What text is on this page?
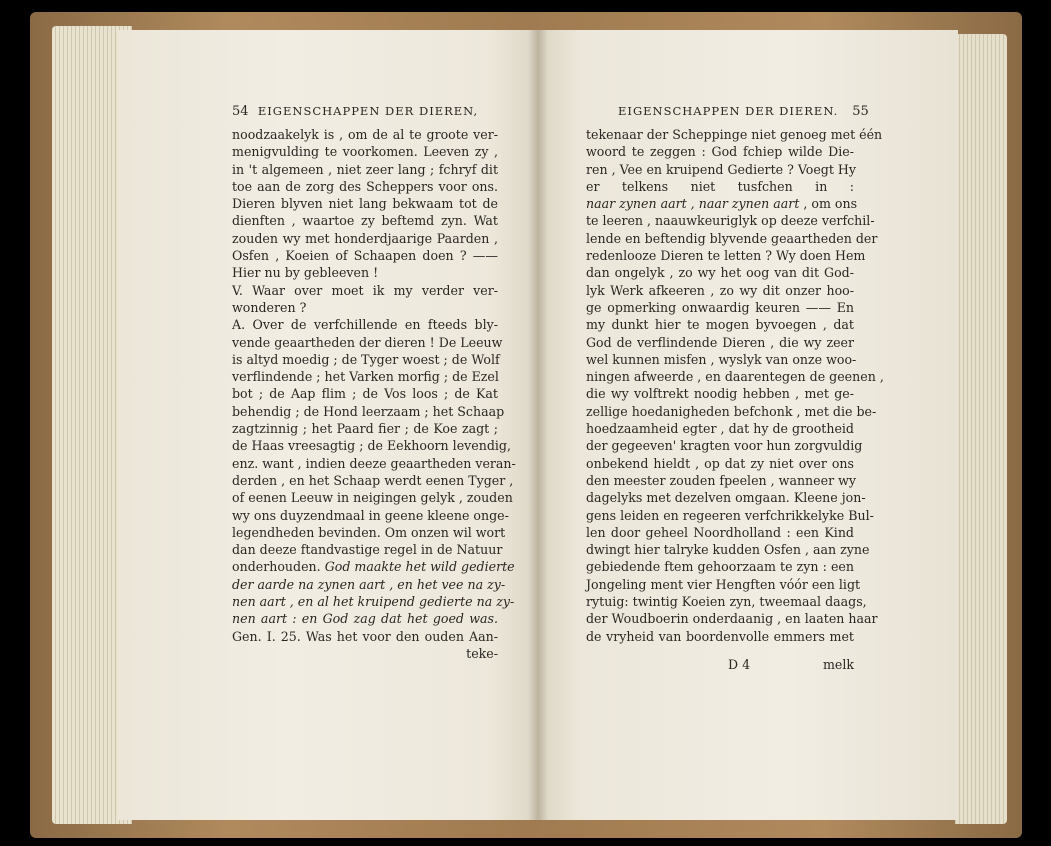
54 EIGENSCHAPPEN DER DIEREN,
noodzaakelyk is , om de al te groote ver-
menigvulding te voorkomen. Leeven zy ,
in 't algemeen , niet zeer lang ; fchryf dit
toe aan de zorg des Scheppers voor ons.
Dieren blyven niet lang bekwaam tot de
dienften , waartoe zy beftemd zyn. Wat
zouden wy met honderdjaarige Paarden ,
Osfen , Koeien of Schaapen doen ? ——
Hier nu by gebleeven !
V. Waar over moet ik my verder ver-
wonderen ?
A. Over de verfchillende en fteeds bly-
vende geaartheden der dieren ! De Leeuw
is altyd moedig ; de Tyger woest ; de Wolf
verflindende ; het Varken morfig ; de Ezel
bot ; de Aap flim ; de Vos loos ; de Kat
behendig ; de Hond leerzaam ; het Schaap
zagtzinnig ; het Paard fier ; de Koe zagt ;
de Haas vreesagtig ; de Eekhoorn levendig,
enz. want , indien deeze geaartheden veran-
derden , en het Schaap werdt eenen Tyger ,
of eenen Leeuw in neigingen gelyk , zouden
wy ons duyzendmaal in geene kleene onge-
legendheden bevinden. Om onzen wil wort
dan deeze ftandvastige regel in de Natuur
onderhouden. God maakte het wild gedierte
der aarde na zynen aart , en het vee na zy-
nen aart , en al het kruipend gedierte na zy-
nen aart : en God zag dat het goed was.
Gen. I. 25. Was het voor den ouden Aan-
teke-
EIGENSCHAPPEN DER DIEREN. 55
tekenaar der Scheppinge niet genoeg met één
woord te zeggen : God fchiep wilde Die-
ren , Vee en kruipend Gedierte ? Voegt Hy
er telkens niet tusfchen in :
naar zynen aart , naar zynen aart , om ons
te leeren , naauwkeuriglyk op deeze verfchil-
lende en beftendig blyvende geaartheden der
redenlooze Dieren te letten ? Wy doen Hem
dan ongelyk , zo wy het oog van dit God-
lyk Werk afkeeren , zo wy dit onzer hoo-
ge opmerking onwaardig keuren —— En
my dunkt hier te mogen byvoegen , dat
God de verflindende Dieren , die wy zeer
wel kunnen misfen , wyslyk van onze woo-
ningen afweerde , en daarentegen de geenen ,
die wy volftrekt noodig hebben , met ge-
zellige hoedanigheden befchonk , met die be-
hoedzaamheid egter , dat hy de grootheid
der gegeeven' kragten voor hun zorgvuldig
onbekend hieldt , op dat zy niet over ons
den meester zouden fpeelen , wanneer wy
dagelyks met dezelven omgaan. Kleene jon-
gens leiden en regeeren verfchrikkelyke Bul-
len door geheel Noordholland : een Kind
dwingt hier talryke kudden Osfen , aan zyne
gebiedende ftem gehoorzaam te zyn : een
Jongeling ment vier Hengften vóór een ligt
rytuig: twintig Koeien zyn, tweemaal daags,
der Woudboerin onderdaanig , en laaten haar
de vryheid van boordenvolle emmers met
D 4	melk
